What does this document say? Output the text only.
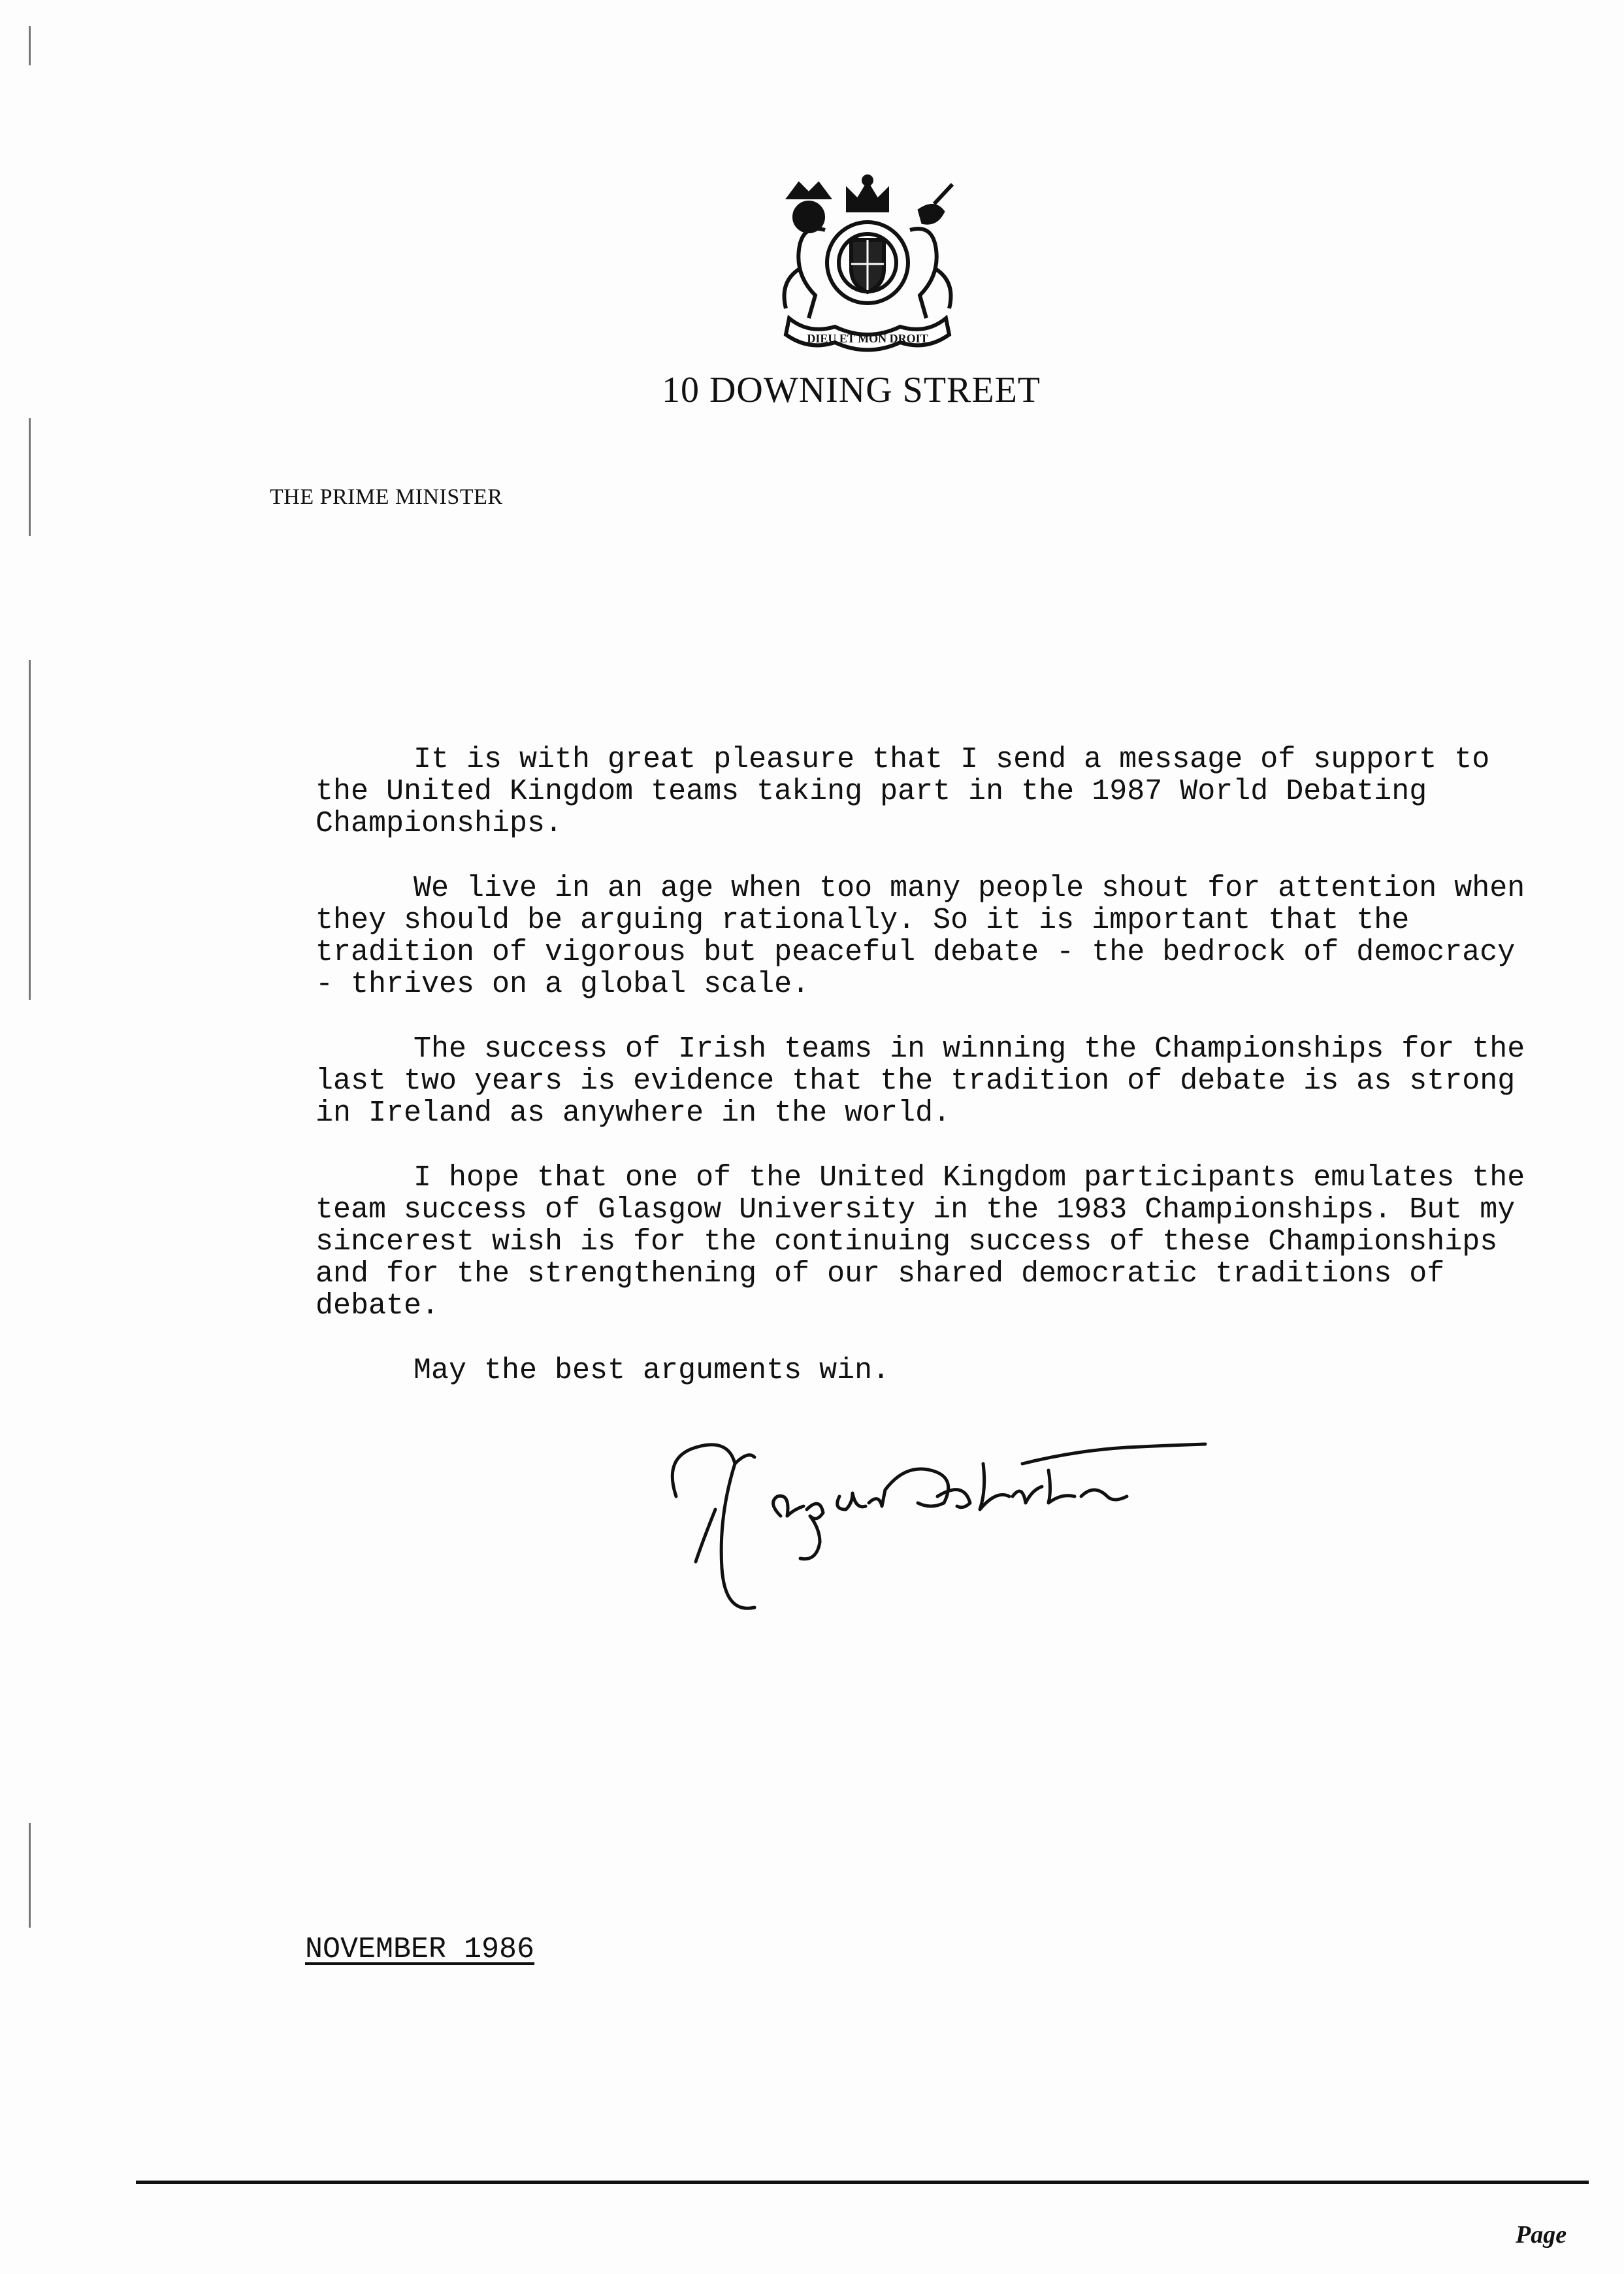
DIEU ET MON DROIT
10 DOWNING STREET
THE PRIME MINISTER

It is with great pleasure that I send a message of support to the United Kingdom teams taking part in the 1987 World Debating Championships.

We live in an age when too many people shout for attention when they should be arguing rationally. So it is important that the tradition of vigorous but peaceful debate - the bedrock of democracy - thrives on a global scale.

The success of Irish teams in winning the Championships for the last two years is evidence that the tradition of debate is as strong in Ireland as anywhere in the world.

I hope that one of the United Kingdom participants emulates the team success of Glasgow University in the 1983 Championships. But my sincerest wish is for the continuing success of these Championships and for the strengthening of our shared democratic traditions of debate.

May the best arguments win.

NOVEMBER 1986
Page
